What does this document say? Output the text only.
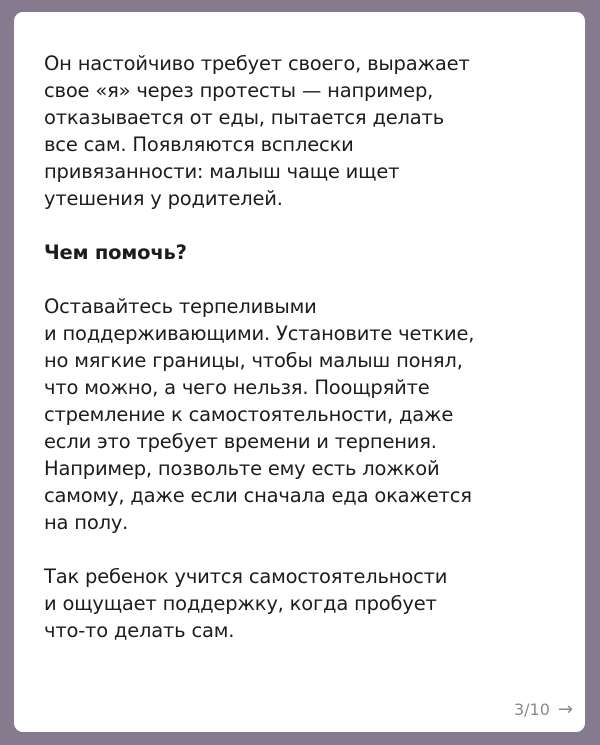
Он настойчиво требует своего, выражает
свое «я» через протесты — например,
отказывается от еды, пытается делать
все сам. Появляются всплески
привязанности: малыш чаще ищет
утешения у родителей.
Чем помочь?
Оставайтесь терпеливыми
и поддерживающими. Установите четкие,
но мягкие границы, чтобы малыш понял,
что можно, а чего нельзя. Поощряйте
стремление к самостоятельности, даже
если это требует времени и терпения.
Например, позвольте ему есть ложкой
самому, даже если сначала еда окажется
на полу.
Так ребенок учится самостоятельности
и ощущает поддержку, когда пробует
что-то делать сам.
3/10 →
